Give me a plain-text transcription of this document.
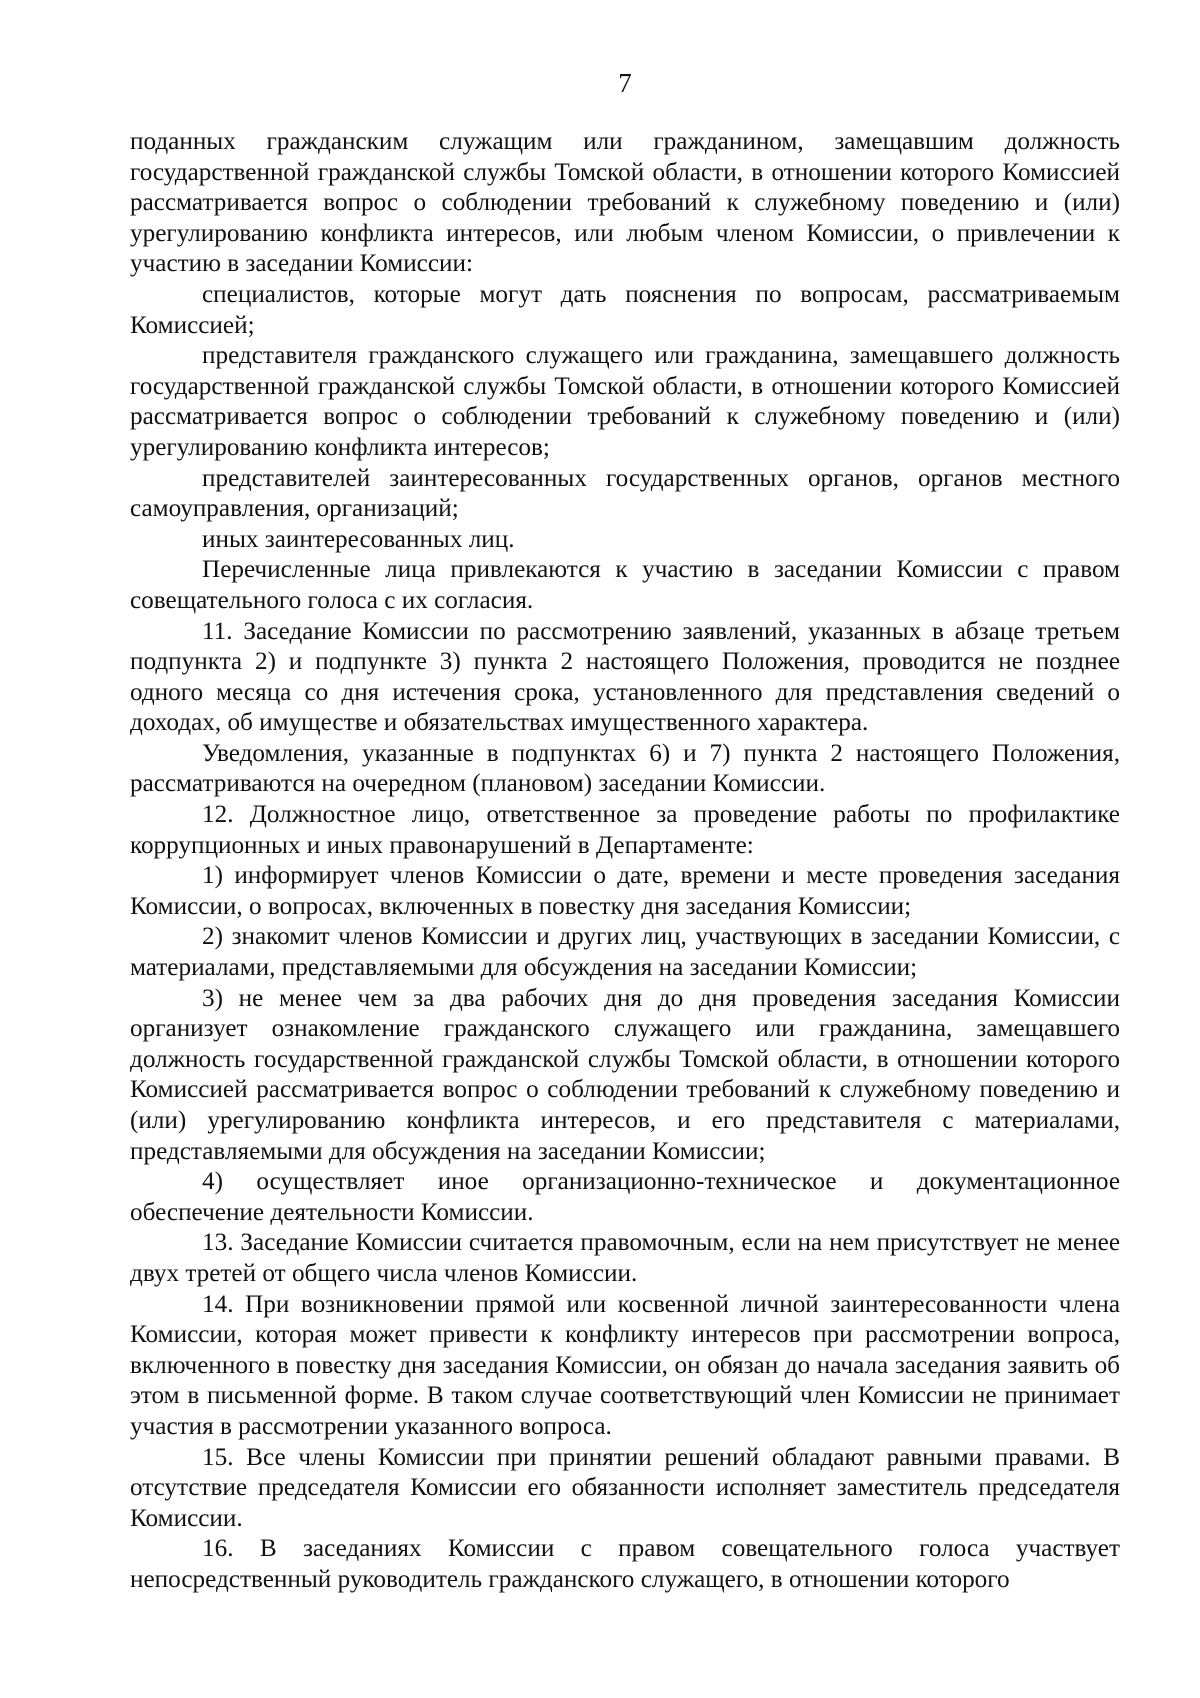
7

поданных гражданским служащим или гражданином, замещавшим должность государственной гражданской службы Томской области, в отношении которого Комиссией рассматривается вопрос о соблюдении требований к служебному поведению и (или) урегулированию конфликта интересов, или любым членом Комиссии, о привлечении к участию в заседании Комиссии:

специалистов, которые могут дать пояснения по вопросам, рассматриваемым Комиссией;

представителя гражданского служащего или гражданина, замещавшего должность государственной гражданской службы Томской области, в отношении которого Комиссией рассматривается вопрос о соблюдении требований к служебному поведению и (или) урегулированию конфликта интересов;

представителей заинтересованных государственных органов, органов местного самоуправления, организаций;

иных заинтересованных лиц.

Перечисленные лица привлекаются к участию в заседании Комиссии с правом совещательного голоса с их согласия.

11. Заседание Комиссии по рассмотрению заявлений, указанных в абзаце третьем подпункта 2) и подпункте 3) пункта 2 настоящего Положения, проводится не позднее одного месяца со дня истечения срока, установленного для представления сведений о доходах, об имуществе и обязательствах имущественного характера.

Уведомления, указанные в подпунктах 6) и 7) пункта 2 настоящего Положения, рассматриваются на очередном (плановом) заседании Комиссии.

12. Должностное лицо, ответственное за проведение работы по профилактике коррупционных и иных правонарушений в Департаменте:

1) информирует членов Комиссии о дате, времени и месте проведения заседания Комиссии, о вопросах, включенных в повестку дня заседания Комиссии;

2) знакомит членов Комиссии и других лиц, участвующих в заседании Комиссии, с материалами, представляемыми для обсуждения на заседании Комиссии;

3) не менее чем за два рабочих дня до дня проведения заседания Комиссии организует ознакомление гражданского служащего или гражданина, замещавшего должность государственной гражданской службы Томской области, в отношении которого Комиссией рассматривается вопрос о соблюдении требований к служебному поведению и (или) урегулированию конфликта интересов, и его представителя с материалами, представляемыми для обсуждения на заседании Комиссии;

4) осуществляет иное организационно-техническое и документационное обеспечение деятельности Комиссии.

13. Заседание Комиссии считается правомочным, если на нем присутствует не менее двух третей от общего числа членов Комиссии.

14. При возникновении прямой или косвенной личной заинтересованности члена Комиссии, которая может привести к конфликту интересов при рассмотрении вопроса, включенного в повестку дня заседания Комиссии, он обязан до начала заседания заявить об этом в письменной форме. В таком случае соответствующий член Комиссии не принимает участия в рассмотрении указанного вопроса.

15. Все члены Комиссии при принятии решений обладают равными правами. В отсутствие председателя Комиссии его обязанности исполняет заместитель председателя Комиссии.

16. В заседаниях Комиссии с правом совещательного голоса участвует непосредственный руководитель гражданского служащего, в отношении которого
